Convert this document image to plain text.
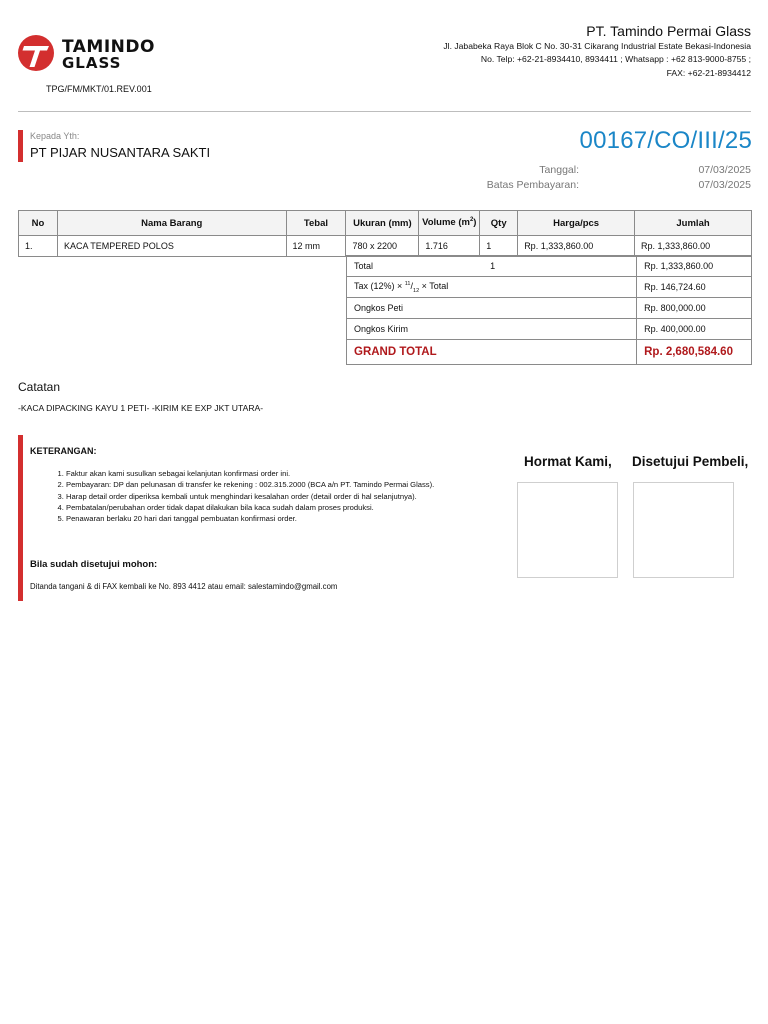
TAMINDO
GLASS
TPG/FM/MKT/01.REV.001
PT. Tamindo Permai Glass
Jl. Jababeka Raya Blok C No. 30-31 Cikarang Industrial Estate Bekasi-Indonesia
No. Telp: +62-21-8934410, 8934411 ; Whatsapp : +62 813-9000-8755 ;
FAX: +62-21-8934412
Kepada Yth:
PT PIJAR NUSANTARA SAKTI	00167/CO/III/25
Tanggal:	07/03/2025
Batas Pembayaran:	07/03/2025
No	Nama Barang	Tebal	Ukuran (mm)	Volume $(m^2)$	Qty	Harga/pcs	Jumlah
1.	KACA TEMPERED POLOS	12 mm	780 x 2200	1.716	1	Rp. 1,333,860.00	Rp. 1,333,860.00
Total	1	Rp. 1,333,860.00
Tax $(12\%) \times ^{11}/_{12}$ × Total		Rp. 146,724.60
Ongkos Peti		Rp. 800,000.00
Ongkos Kirim		Rp. 400,000.00
GRAND TOTAL		Rp. 2,680,584.60
Catatan
-KACA DIPACKING KAYU 1 PETI- -KIRIM KE EXP JKT UTARA-
KETERANGAN:
1. Faktur akan kami susulkan sebagai kelanjutan konfirmasi order ini.
2. Pembayaran: DP dan pelunasan di transfer ke rekening : 002.315.2000 (BCA a/n PT. Tamindo Permai Glass).
3. Harap detail order diperiksa kembali untuk menghindari kesalahan order (detail order di hal selanjutnya).
4. Pembatalan/perubahan order tidak dapat dilakukan bila kaca sudah dalam proses produksi.
5. Penawaran berlaku 20 hari dari tanggal pembuatan konfirmasi order.
Bila sudah disetujui mohon:
Ditanda tangani & di FAX kembali ke No. 893 4412 atau email: salestamindo@gmail.com
Hormat Kami, Disetujui Pembeli,
